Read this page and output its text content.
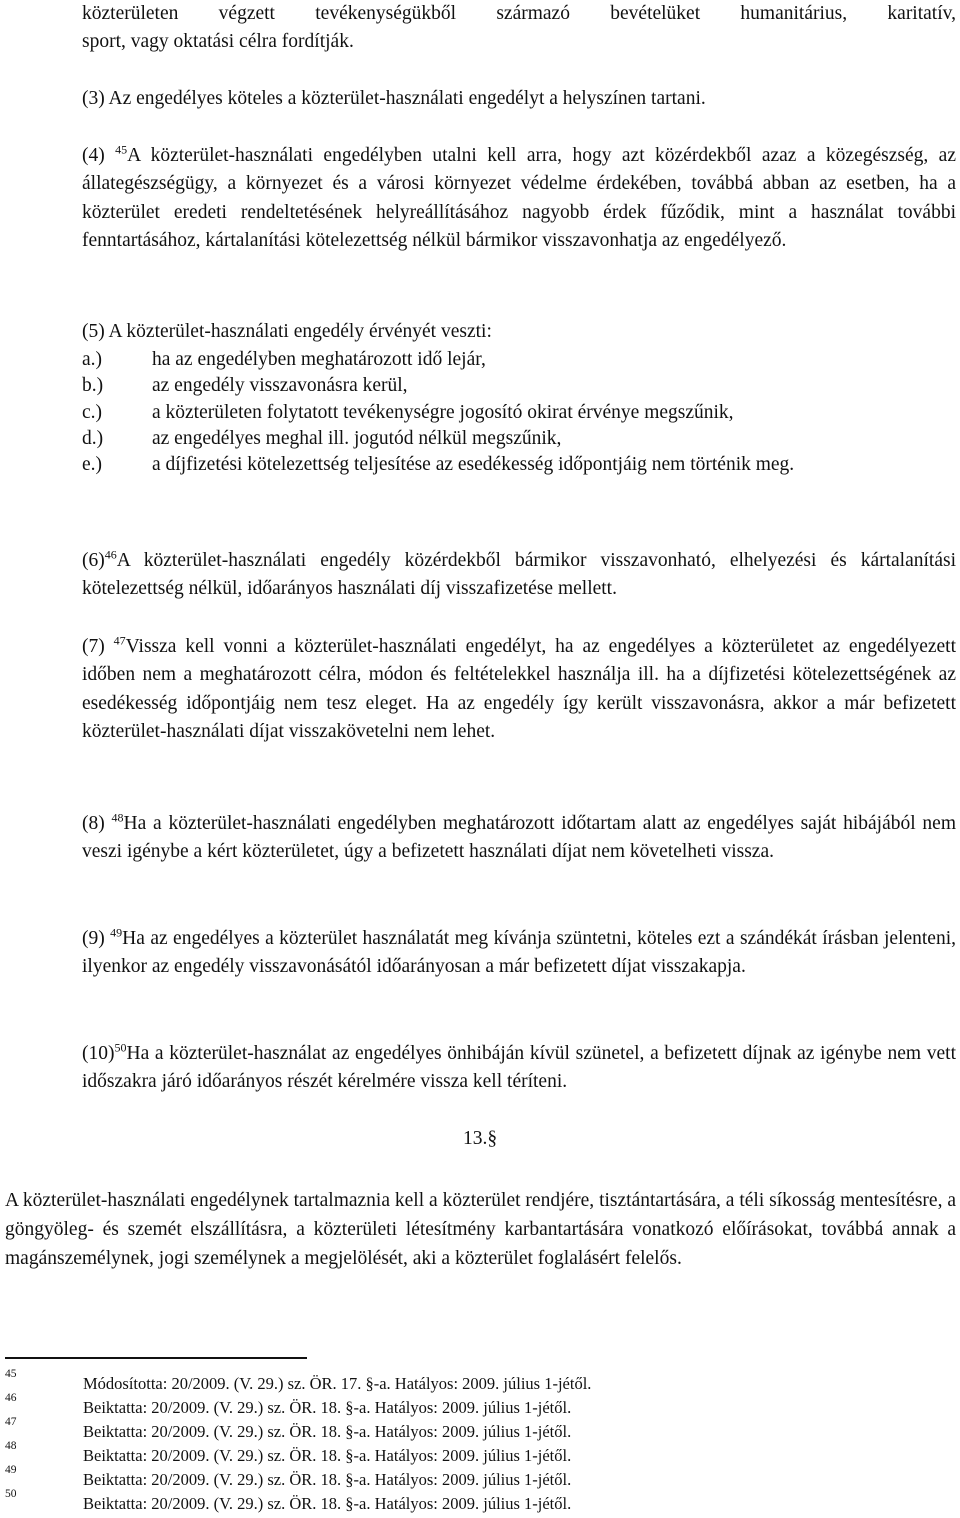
közterületen végzett tevékenységükből származó bevételüket humanitárius, karitatív,
sport, vagy oktatási célra fordítják.
(3) Az engedélyes köteles a közterület-használati engedélyt a helyszínen tartani.
(4) $^{45}$A közterület-használati engedélyben utalni kell arra, hogy azt közérdekből azaz a közegészség, az állategészségügy, a környezet és a városi környezet védelme érdekében, továbbá abban az esetben, ha a közterület eredeti rendeltetésének helyreállításához nagyobb érdek fűződik, mint a használat további fenntartásához, kártalanítási kötelezettség nélkül bármikor visszavonhatja az engedélyező.
(5) A közterület-használati engedély érvényét veszti:
a.)	ha az engedélyben meghatározott idő lejár,
b.)	az engedély visszavonásra kerül,
c.)	a közterületen folytatott tevékenységre jogosító okirat érvénye megszűnik,
d.)	az engedélyes meghal ill. jogutód nélkül megszűnik,
e.)	a díjfizetési kötelezettség teljesítése az esedékesség időpontjáig nem történik meg.
$(6)^{46}A$ közterület-használati engedély közérdekből bármikor visszavonható, elhelyezési és kártalanítási kötelezettség nélkül, időarányos használati díj visszafizetése mellett.
(7) $^{47}$Vissza kell vonni a közterület-használati engedélyt, ha az engedélyes a közterületet az engedélyezett időben nem a meghatározott célra, módon és feltételekkel használja ill. ha a díjfizetési kötelezettségének az esedékesség időpontjáig nem tesz eleget. Ha az engedély így került visszavonásra, akkor a már befizetett közterület-használati díjat visszakövetelni nem lehet.
(8) $^{48}$Ha a közterület-használati engedélyben meghatározott időtartam alatt az engedélyes saját hibájából nem veszi igénybe a kért közterületet, úgy a befizetett használati díjat nem követelheti vissza.
(9) $^{49}$Ha az engedélyes a közterület használatát meg kívánja szüntetni, köteles ezt a szándékát írásban jelenteni, ilyenkor az engedély visszavonásától időarányosan a már befizetett díjat visszakapja.
$(10)^{50}Ha$ a közterület-használat az engedélyes önhibáján kívül szünetel, a befizetett díjnak az igénybe nem vett időszakra járó időarányos részét kérelmére vissza kell téríteni.
13.§
A közterület-használati engedélynek tartalmaznia kell a közterület rendjére, tisztántartására, a téli síkosság mentesítésre, a göngyöleg- és szemét elszállításra, a közterületi létesítmény karbantartására vonatkozó előírásokat, továbbá annak a magánszemélynek, jogi személynek a megjelölését, aki a közterület foglalásért felelős.
45	Módosította: 20/2009. (V. 29.) sz. ÖR. 17. §-a. Hatályos: 2009. július 1-jétől.
46	Beiktatta: 20/2009. (V. 29.) sz. ÖR. 18. §-a. Hatályos: 2009. július 1-jétől.
47	Beiktatta: 20/2009. (V. 29.) sz. ÖR. 18. §-a. Hatályos: 2009. július 1-jétől.
48	Beiktatta: 20/2009. (V. 29.) sz. ÖR. 18. §-a. Hatályos: 2009. július 1-jétől.
49	Beiktatta: 20/2009. (V. 29.) sz. ÖR. 18. §-a. Hatályos: 2009. július 1-jétől.
50	Beiktatta: 20/2009. (V. 29.) sz. ÖR. 18. §-a. Hatályos: 2009. július 1-jétől.
